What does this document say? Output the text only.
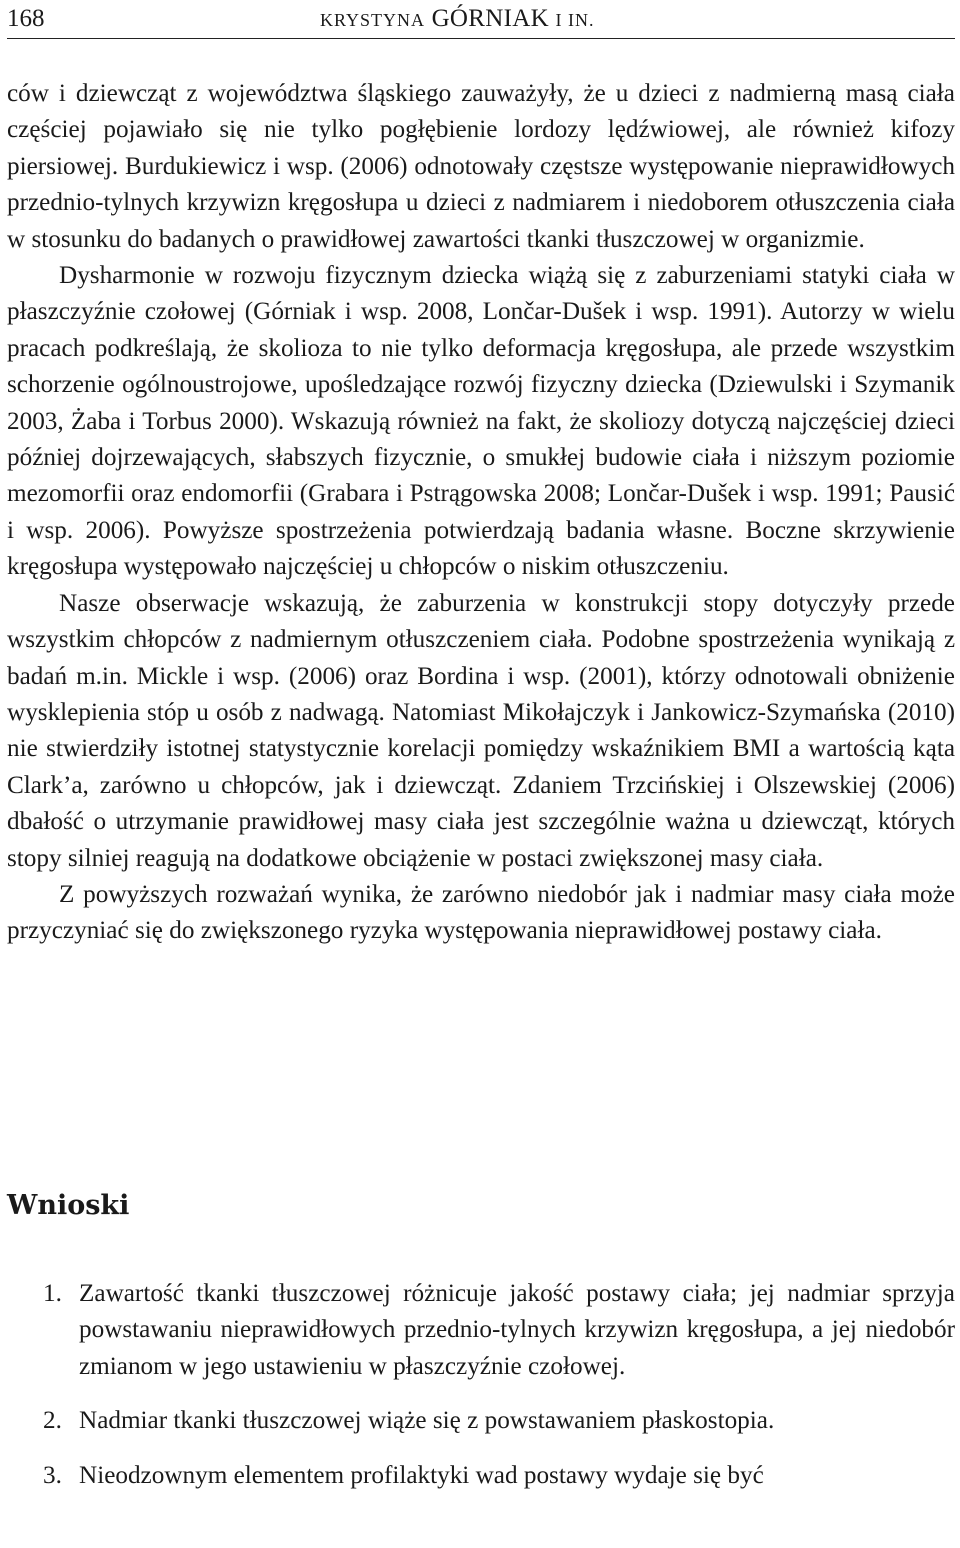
168	KRYSTYNA GÓRNIAK I IN.

ców i dziewcząt z województwa śląskiego zauważyły, że u dzieci z nadmierną masą ciała częściej pojawiało się nie tylko pogłębienie lordozy lędźwiowej, ale również kifozy piersiowej. Burdukiewicz i wsp. (2006) odnotowały częstsze występowanie nieprawidłowych przednio-tylnych krzywizn kręgosłupa u dzieci z nadmiarem i niedoborem otłuszczenia ciała w stosunku do badanych o prawidłowej zawartości tkanki tłuszczowej w organizmie.

Dysharmonie w rozwoju fizycznym dziecka wiążą się z zaburzeniami statyki ciała w płaszczyźnie czołowej (Górniak i wsp. 2008, Lončar-Dušek i wsp. 1991). Autorzy w wielu pracach podkreślają, że skolioza to nie tylko deformacja kręgosłupa, ale przede wszystkim schorzenie ogólnoustrojowe, upośledzające rozwój fizyczny dziecka (Dziewulski i Szymanik 2003, Żaba i Torbus 2000). Wskazują również na fakt, że skoliozy dotyczą najczęściej dzieci później dojrzewających, słabszych fizycznie, o smukłej budowie ciała i niższym poziomie mezomorfii oraz endomorfii (Grabara i Pstrągowska 2008; Lončar-Dušek i wsp. 1991; Pausić i wsp. 2006). Powyższe spostrzeżenia potwierdzają badania własne. Boczne skrzywienie kręgosłupa występowało najczęściej u chłopców o niskim otłuszczeniu.

Nasze obserwacje wskazują, że zaburzenia w konstrukcji stopy dotyczyły przede wszystkim chłopców z nadmiernym otłuszczeniem ciała. Podobne spostrzeżenia wynikają z badań m.in. Mickle i wsp. (2006) oraz Bordina i wsp. (2001), którzy odnotowali obniżenie wysklepienia stóp u osób z nadwagą. Natomiast Mikołajczyk i Jankowicz-Szymańska (2010) nie stwierdziły istotnej statystycznie korelacji pomiędzy wskaźnikiem BMI a wartością kąta Clark’a, zarówno u chłopców, jak i dziewcząt. Zdaniem Trzcińskiej i Olszewskiej (2006) dbałość o utrzymanie prawidłowej masy ciała jest szczególnie ważna u dziewcząt, których stopy silniej reagują na dodatkowe obciążenie w postaci zwiększonej masy ciała.

Z powyższych rozważań wynika, że zarówno niedobór jak i nadmiar masy ciała może przyczyniać się do zwiększonego ryzyka występowania nieprawidłowej postawy ciała.

Wnioski
1. Zawartość tkanki tłuszczowej różnicuje jakość postawy ciała; jej nadmiar sprzyja powstawaniu nieprawidłowych przednio-tylnych krzywizn kręgosłupa, a jej niedobór zmianom w jego ustawieniu w płaszczyźnie czołowej.
2. Nadmiar tkanki tłuszczowej wiąże się z powstawaniem płaskostopia.
3. Nieodzownym elementem profilaktyki wad postawy wydaje się być
